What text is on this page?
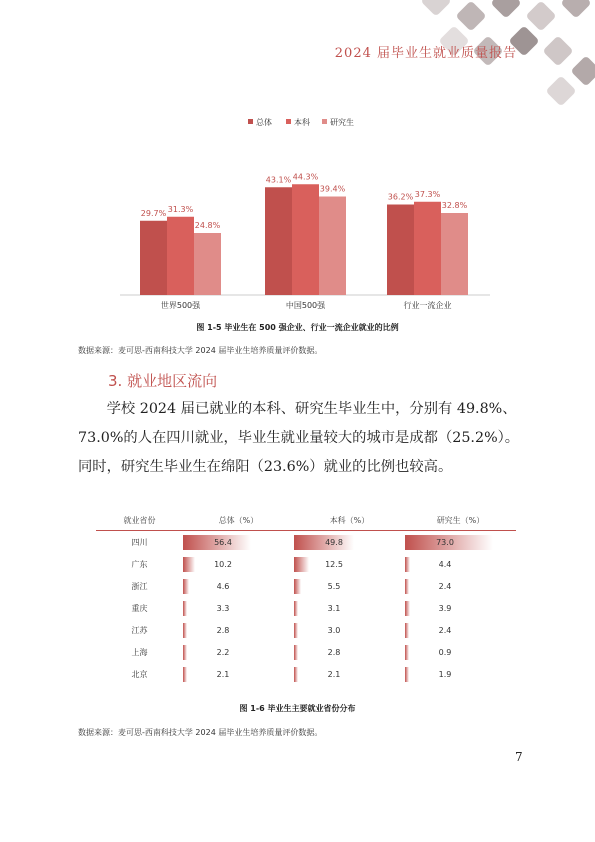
2024 届毕业生就业质量报告
29.7% 31.3%
24.8%
世界500强
43.1% 44.3%
39.4%
中国500强
36.2% 37.3%
32.8%
行业一流企业
总体	本科	研究生
图 1-5 毕业生在 500 强企业、行业一流企业就业的比例
数据来源：麦可思-西南科技大学 2024 届毕业生培养质量评价数据。
3. 就业地区流向
学校 2024 届已就业的本科、研究生毕业生中，分别有 49.8%、73.0%的人在四川就业，毕业生就业量较大的城市是成都（25.2%）。同时，研究生毕业生在绵阳（23.6%）就业的比例也较高。
就业省份	总体（%）	本科（%）	研究生（%）
四川	56.4	49.8	73.0

广东	10.2	12.5	4.4

浙江	4.6	5.5	2.4

重庆	3.3	3.1	3.9

江苏	2.8	3.0	2.4

上海	2.2	2.8	0.9

北京	2.1	2.1	1.9
图 1-6 毕业生主要就业省份分布
数据来源：麦可思-西南科技大学 2024 届毕业生培养质量评价数据。
7
